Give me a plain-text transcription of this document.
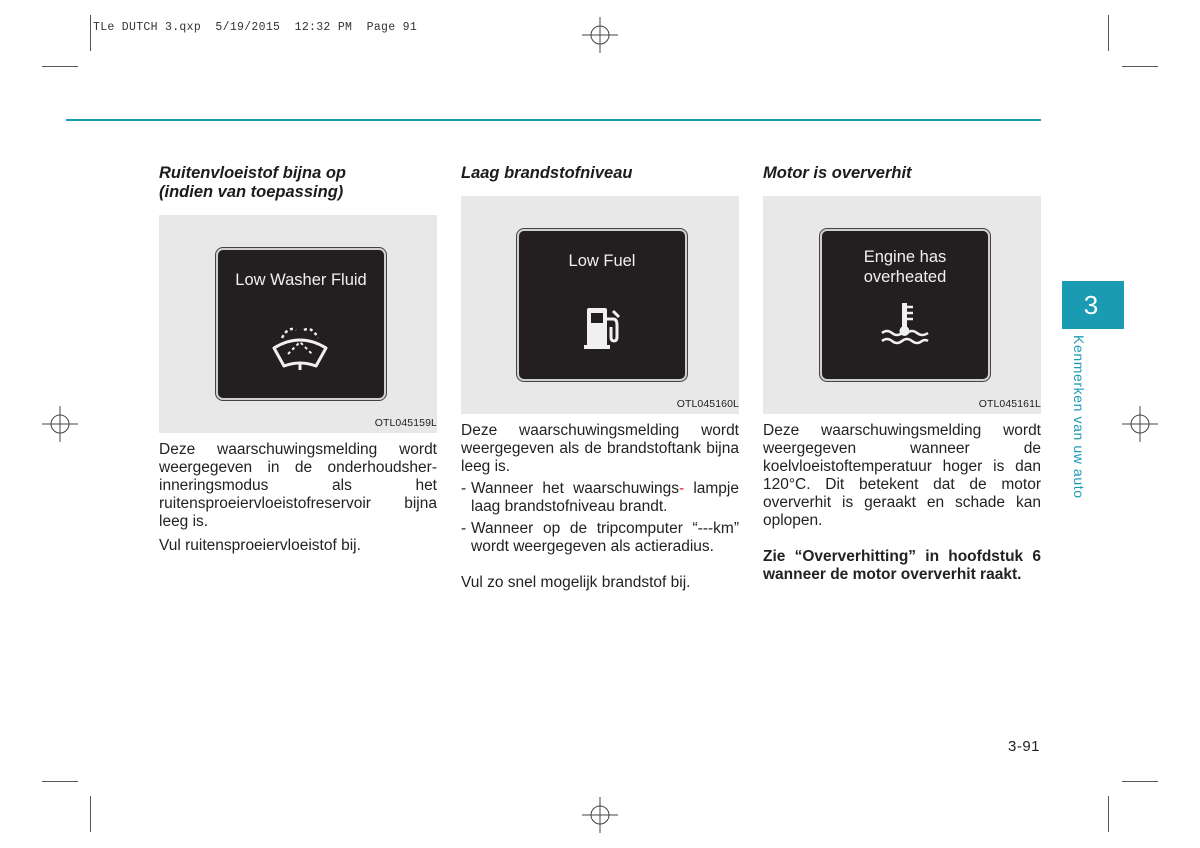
TLe DUTCH 3.qxp  5/19/2015  12:32 PM  Page 91
3
Kenmerken van uw auto
Ruitenvloeistof bijna op
(indien van toepassing)
Low Washer Fluid
OTL045159L

Deze waarschuwingsmelding wordt weergegeven in de onderhoudsher- inneringsmodus als het ruitensproeiervloeistofreservoir bijna leeg is.

Vul ruitensproeiervloeistof bij.

Laag brandstofniveau
Low Fuel
OTL045160L

Deze waarschuwingsmelding wordt weergegeven als de brandstoftank bijna leeg is.

- Wanneer het waarschuwings- lampje laag brandstofniveau brandt.
- Wanneer op de tripcomputer “---km” wordt weergegeven als actieradius.

Vul zo snel mogelijk brandstof bij.

Motor is oververhit
Engine has
overheated
OTL045161L

Deze waarschuwingsmelding wordt weergegeven wanneer de koelvloeistoftemperatuur hoger is dan 120°C. Dit betekent dat de motor oververhit is geraakt en schade kan oplopen.

Zie “Oververhitting” in hoofdstuk 6 wanneer de motor oververhit raakt.

3-91
